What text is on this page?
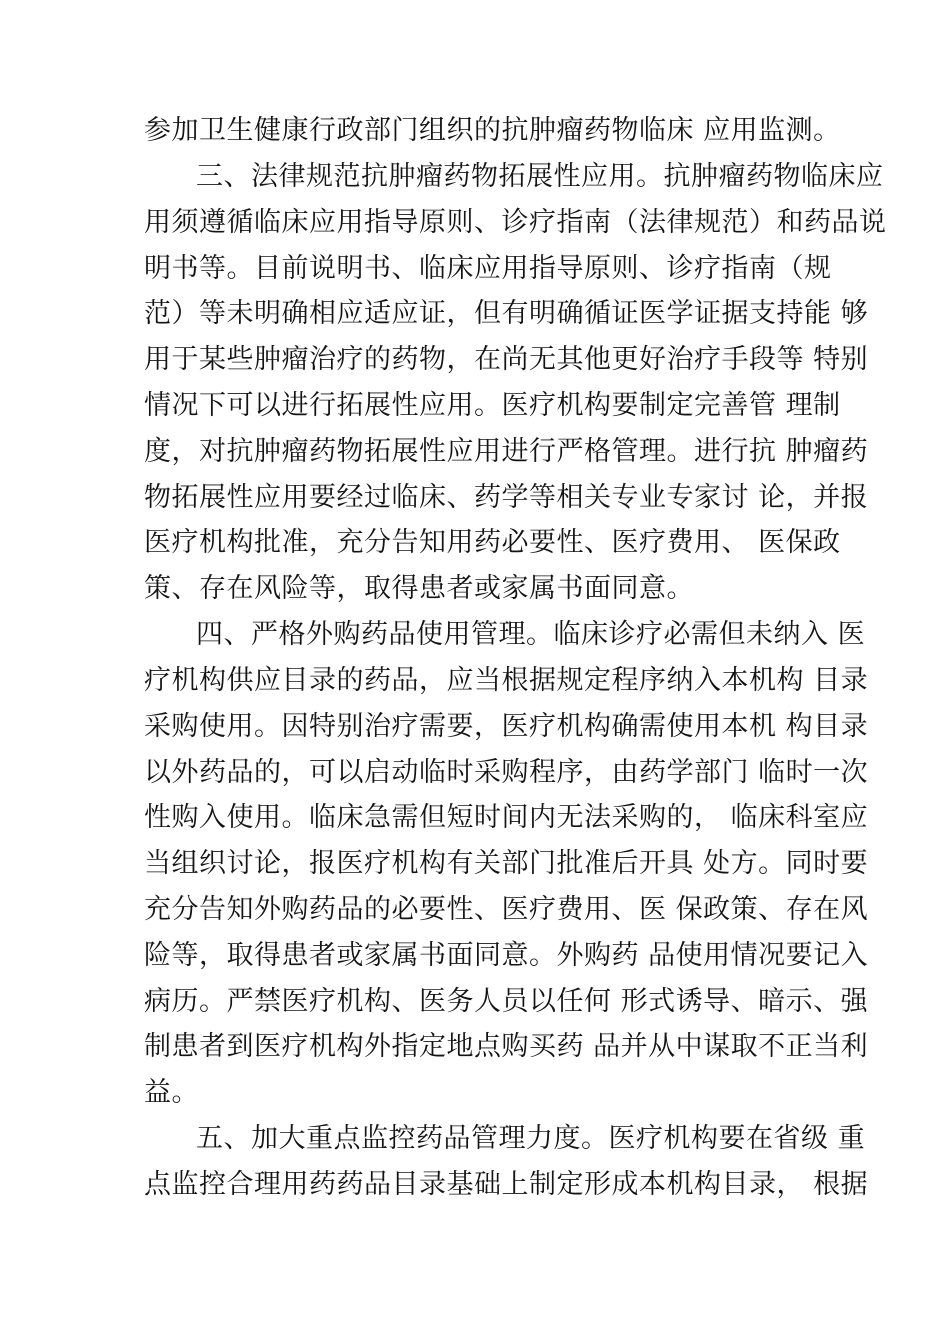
参加卫生健康行政部门组织的抗肿瘤药物临床 应用监测。
三、法律规范抗肿瘤药物拓展性应用。抗肿瘤药物临床应
用须遵循临床应用指导原则、诊疗指南（法律规范）和药品说
明书等。目前说明书、临床应用指导原则、诊疗指南（规
范）等未明确相应适应证，但有明确循证医学证据支持能 够
用于某些肿瘤治疗的药物，在尚无其他更好治疗手段等 特别
情况下可以进行拓展性应用。医疗机构要制定完善管 理制
度，对抗肿瘤药物拓展性应用进行严格管理。进行抗 肿瘤药
物拓展性应用要经过临床、药学等相关专业专家讨 论，并报
医疗机构批准，充分告知用药必要性、医疗费用、 医保政
策、存在风险等，取得患者或家属书面同意。
四、严格外购药品使用管理。临床诊疗必需但未纳入 医
疗机构供应目录的药品，应当根据规定程序纳入本机构 目录
采购使用。因特别治疗需要，医疗机构确需使用本机 构目录
以外药品的，可以启动临时采购程序，由药学部门 临时一次
性购入使用。临床急需但短时间内无法采购的， 临床科室应
当组织讨论，报医疗机构有关部门批准后开具 处方。同时要
充分告知外购药品的必要性、医疗费用、医 保政策、存在风
险等，取得患者或家属书面同意。外购药 品使用情况要记入
病历。严禁医疗机构、医务人员以任何 形式诱导、暗示、强
制患者到医疗机构外指定地点购买药 品并从中谋取不正当利
益。
五、加大重点监控药品管理力度。医疗机构要在省级 重
点监控合理用药药品目录基础上制定形成本机构目录， 根据
